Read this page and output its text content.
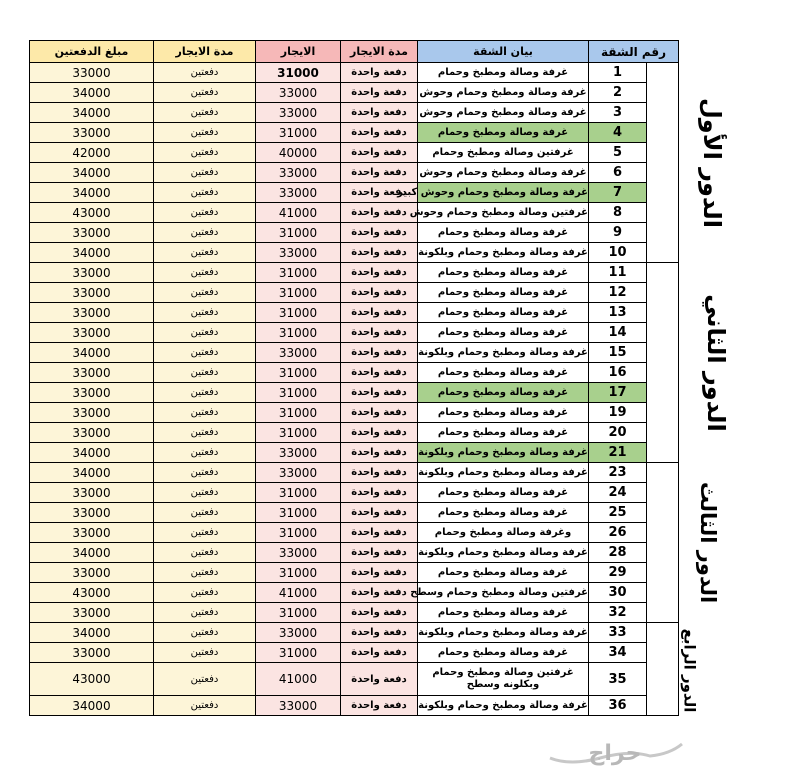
مبلغ الدفعتين	مدة الايجار	الايجار	مدة الايجار	بيان الشقة	رقم الشقة	
33000	دفعتين	31000	دفعة واحدة	غرفة وصالة ومطبخ وحمام	1	الدور الأول
34000	دفعتين	33000	دفعة واحدة	غرفة وصالة ومطبخ وحمام وحوش	2	
34000	دفعتين	33000	دفعة واحدة	غرفة وصالة ومطبخ وحمام وحوش	3	
33000	دفعتين	31000	دفعة واحدة	غرفة وصالة ومطبخ وحمام	4	
42000	دفعتين	40000	دفعة واحدة	غرفتين وصالة ومطبخ وحمام	5	
34000	دفعتين	33000	دفعة واحدة	غرفة وصالة ومطبخ وحمام وحوش	6	
34000	دفعتين	33000	دفعة واحدة	غرفة وصالة ومطبخ وحمام وحوش كبير	7	
43000	دفعتين	41000	دفعة واحدة	غرفتين وصالة ومطبخ وحمام وحوش	8	
33000	دفعتين	31000	دفعة واحدة	غرفة وصالة ومطبخ وحمام	9	
34000	دفعتين	33000	دفعة واحدة	غرفة وصالة ومطبخ وحمام وبلكونة	10	
33000	دفعتين	31000	دفعة واحدة	غرفة وصالة ومطبخ وحمام	11	الدور الثاني
33000	دفعتين	31000	دفعة واحدة	غرفة وصالة ومطبخ وحمام	12	
33000	دفعتين	31000	دفعة واحدة	غرفة وصالة ومطبخ وحمام	13	
33000	دفعتين	31000	دفعة واحدة	غرفة وصالة ومطبخ وحمام	14	
34000	دفعتين	33000	دفعة واحدة	غرفة وصالة ومطبخ وحمام وبلكونة	15	
33000	دفعتين	31000	دفعة واحدة	غرفة وصالة ومطبخ وحمام	16	
33000	دفعتين	31000	دفعة واحدة	غرفة وصالة ومطبخ وحمام	17	
33000	دفعتين	31000	دفعة واحدة	غرفة وصالة ومطبخ وحمام	19	
33000	دفعتين	31000	دفعة واحدة	غرفة وصالة ومطبخ وحمام	20	
34000	دفعتين	33000	دفعة واحدة	غرفة وصالة ومطبخ وحمام وبلكونة	21	
34000	دفعتين	33000	دفعة واحدة	غرفة وصالة ومطبخ وحمام وبلكونة	23	الدور الثالث
33000	دفعتين	31000	دفعة واحدة	غرفة وصالة ومطبخ وحمام	24	
33000	دفعتين	31000	دفعة واحدة	غرفة وصالة ومطبخ وحمام	25	
33000	دفعتين	31000	دفعة واحدة	وغرفة وصالة ومطبخ وحمام	26	
34000	دفعتين	33000	دفعة واحدة	غرفة وصالة ومطبخ وحمام وبلكونة	28	
33000	دفعتين	31000	دفعة واحدة	غرفة وصالة ومطبخ وحمام	29	
43000	دفعتين	41000	دفعة واحدة	غرفتين وصالة ومطبخ وحمام وسطح	30	
33000	دفعتين	31000	دفعة واحدة	غرفة وصالة ومطبخ وحمام	32	
34000	دفعتين	33000	دفعة واحدة	غرفة وصالة ومطبخ وحمام وبلكونة	33	الدور الرابع
33000	دفعتين	31000	دفعة واحدة	غرفة وصالة ومطبخ وحمام	34	
43000	دفعتين	41000	دفعة واحدة	غرفتين وصالة ومطبخ وحمام وبكلونه وسطح	35	
34000	دفعتين	33000	دفعة واحدة	غرفة وصالة ومطبخ وحمام وبلكونة	36	
حراج
